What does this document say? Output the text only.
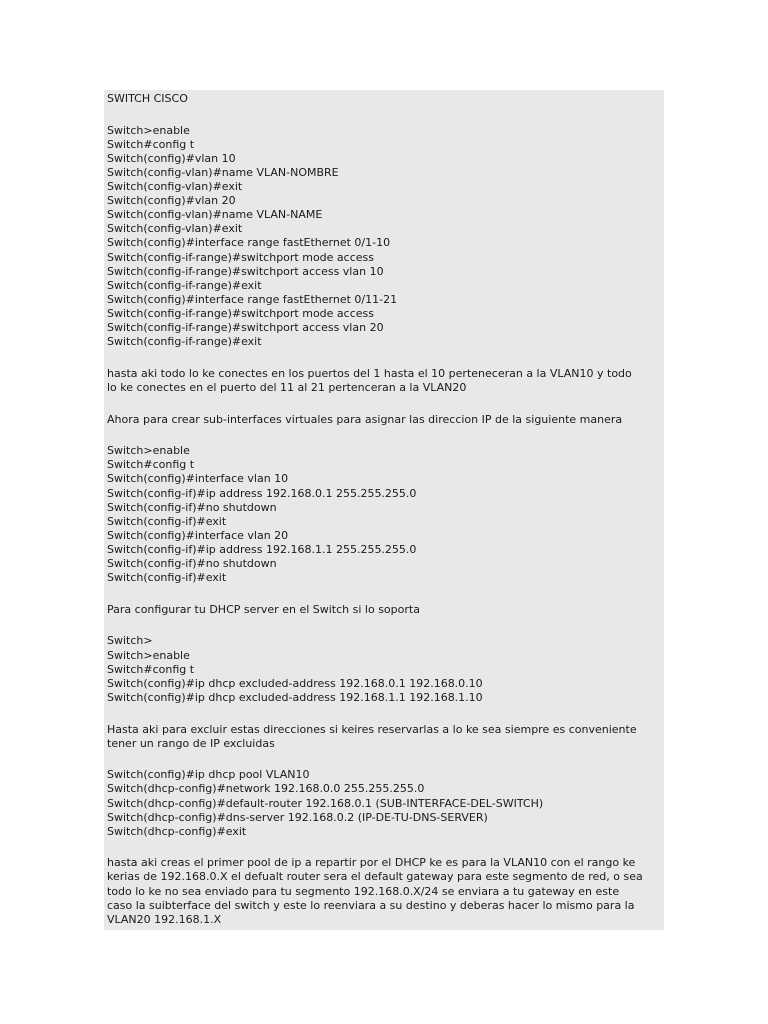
SWITCH CISCO
Switch>enable
Switch#config t
Switch(config)#vlan 10
Switch(config-vlan)#name VLAN-NOMBRE
Switch(config-vlan)#exit
Switch(config)#vlan 20
Switch(config-vlan)#name VLAN-NAME
Switch(config-vlan)#exit
Switch(config)#interface range fastEthernet 0/1-10
Switch(config-if-range)#switchport mode access
Switch(config-if-range)#switchport access vlan 10
Switch(config-if-range)#exit
Switch(config)#interface range fastEthernet 0/11-21
Switch(config-if-range)#switchport mode access
Switch(config-if-range)#switchport access vlan 20
Switch(config-if-range)#exit
hasta aki todo lo ke conectes en los puertos del 1 hasta el 10 perteneceran a la VLAN10 y todo
lo ke conectes en el puerto del 11 al 21 pertenceran a la VLAN20
Ahora para crear sub-interfaces virtuales para asignar las direccion IP de la siguiente manera
Switch>enable
Switch#config t
Switch(config)#interface vlan 10
Switch(config-if)#ip address 192.168.0.1 255.255.255.0
Switch(config-if)#no shutdown
Switch(config-if)#exit
Switch(config)#interface vlan 20
Switch(config-if)#ip address 192.168.1.1 255.255.255.0
Switch(config-if)#no shutdown
Switch(config-if)#exit
Para configurar tu DHCP server en el Switch si lo soporta
Switch>
Switch>enable
Switch#config t
Switch(config)#ip dhcp excluded-address 192.168.0.1 192.168.0.10
Switch(config)#ip dhcp excluded-address 192.168.1.1 192.168.1.10
Hasta aki para excluir estas direcciones si keires reservarlas a lo ke sea siempre es conveniente
tener un rango de IP excluidas
Switch(config)#ip dhcp pool VLAN10
Switch(dhcp-config)#network 192.168.0.0 255.255.255.0
Switch(dhcp-config)#default-router 192.168.0.1 (SUB-INTERFACE-DEL-SWITCH)
Switch(dhcp-config)#dns-server 192.168.0.2 (IP-DE-TU-DNS-SERVER)
Switch(dhcp-config)#exit
hasta aki creas el primer pool de ip a repartir por el DHCP ke es para la VLAN10 con el rango ke
kerias de 192.168.0.X el defualt router sera el default gateway para este segmento de red, o sea
todo lo ke no sea enviado para tu segmento 192.168.0.X/24 se enviara a tu gateway en este
caso la suibterface del switch y este lo reenviara a su destino y deberas hacer lo mismo para la
VLAN20 192.168.1.X
